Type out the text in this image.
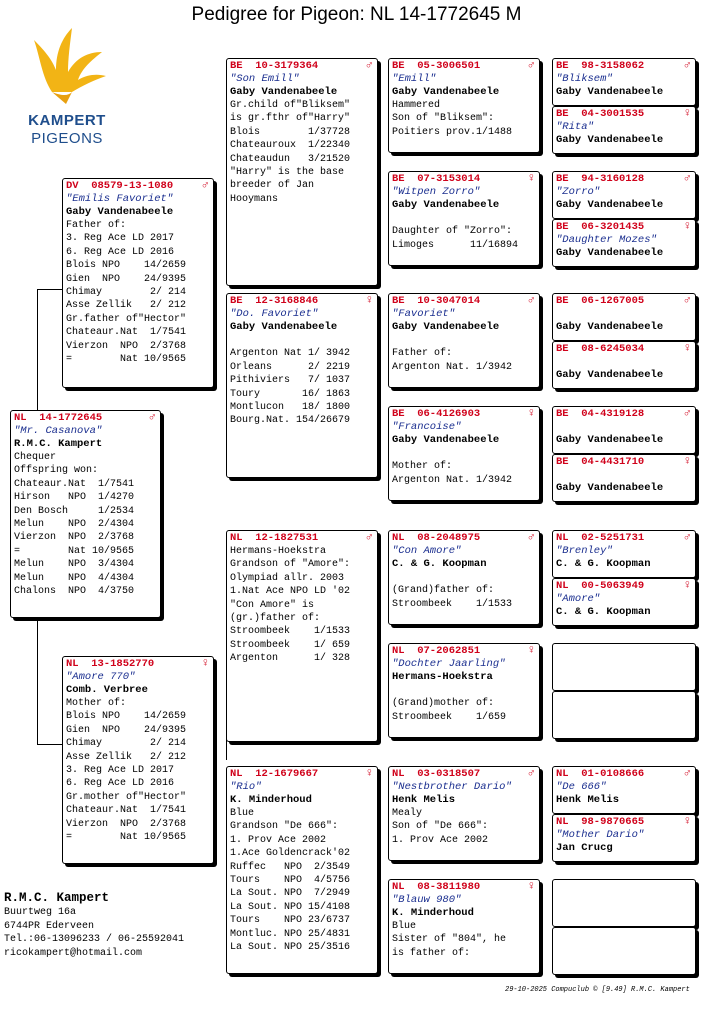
Pedigree for Pigeon: NL 14-1772645 M
KAMPERT
PIGEONS
NL  14-1772645	♂
"Mr. Casanova"
R.M.C. Kampert
Chequer
Offspring won:
Chateaur.Nat  1/7541
Hirson   NPO  1/4270
Den Bosch     1/2534
Melun    NPO  2/4304
Vierzon  NPO  2/3768
=        Nat 10/9565
Melun    NPO  3/4304
Melun    NPO  4/4304
Chalons  NPO  4/3750
DV  08579-13-1080 ♂
"Emilis Favoriet"
Gaby Vandenabeele
Father of:
3. Reg Ace LD 2017
6. Reg Ace LD 2016
Blois NPO    14/2659
Gien  NPO    24/9395
Chimay        2/ 214
Asse Zellik   2/ 212
Gr.father of"Hector"
Chateaur.Nat  1/7541
Vierzon  NPO  2/3768
=        Nat 10/9565
NL  13-1852770	♀
"Amore 770"
Comb. Verbree
Mother of:
Blois NPO    14/2659
Gien  NPO    24/9395
Chimay        2/ 214
Asse Zellik   2/ 212
3. Reg Ace LD 2017
6. Reg Ace LD 2016
Gr.mother of"Hector"
Chateaur.Nat  1/7541
Vierzon  NPO  2/3768
=        Nat 10/9565
BE  10-3179364	♂
"Son Emill"
Gaby Vandenabeele
Gr.child of"Bliksem"
is gr.fthr of"Harry"
Blois        1/37728
Chateauroux  1/22340
Chateaudun   3/21520
"Harry" is the base
breeder of Jan
Hooymans
BE  12-3168846	♀
"Do. Favoriet"
Gaby Vandenabeele

Argenton Nat 1/ 3942
Orleans      2/ 2219
Pithiviers   7/ 1037
Toury       16/ 1863
Montlucon   18/ 1800
Bourg.Nat. 154/26679
NL  12-1827531	♂
Hermans-Hoekstra
Grandson of "Amore":
Olympiad allr. 2003
1.Nat Ace NPO LD '02
"Con Amore" is
(gr.)father of:
Stroombeek    1/1533
Stroombeek    1/ 659
Argenton      1/ 328
NL  12-1679667	♀
"Rio"
K. Minderhoud
Blue
Grandson "De 666":
1. Prov Ace 2002
1.Ace Goldencrack'02
Ruffec   NPO  2/3549
Tours    NPO  4/5756
La Sout. NPO  7/2949
La Sout. NPO 15/4108
Tours    NPO 23/6737
Montluc. NPO 25/4831
La Sout. NPO 25/3516
BE  05-3006501	♂
"Emill"
Gaby Vandenabeele
Hammered
Son of "Bliksem":
Poitiers prov.1/1488
BE  07-3153014	♀
"Witpen Zorro"
Gaby Vandenabeele

Daughter of "Zorro":
Limoges      11/16894
BE  10-3047014	♂
"Favoriet"
Gaby Vandenabeele

Father of:
Argenton Nat. 1/3942
BE  06-4126903	♀
"Francoise"
Gaby Vandenabeele

Mother of:
Argenton Nat. 1/3942
NL  08-2048975	♂
"Con Amore"
C. & G. Koopman

(Grand)father of:
Stroombeek    1/1533
NL  07-2062851	♀
"Dochter Jaarling"
Hermans-Hoekstra

(Grand)mother of:
Stroombeek    1/659
NL  03-0318507	♂
"Nestbrother Dario"
Henk Melis
Mealy
Son of "De 666":
1. Prov Ace 2002
NL  08-3811980	♀
"Blauw 980"
K. Minderhoud
Blue
Sister of "804", he
is father of:
BE  98-3158062	♂
"Bliksem"
Gaby Vandenabeele
BE  04-3001535	♀
"Rita"
Gaby Vandenabeele
BE  94-3160128	♂
"Zorro"
Gaby Vandenabeele
BE  06-3201435	♀
"Daughter Mozes"
Gaby Vandenabeele
BE  06-1267005	♂

Gaby Vandenabeele
BE  08-6245034	♀

Gaby Vandenabeele
BE  04-4319128	♂

Gaby Vandenabeele
BE  04-4431710	♀

Gaby Vandenabeele
NL  02-5251731	♂
"Brenley"
C. & G. Koopman
NL  00-5063949	♀
"Amore"
C. & G. Koopman
NL  01-0108666	♂
"De 666"
Henk Melis
NL  98-9870665	♀
"Mother Dario"
Jan Crucg
R.M.C. Kampert
Buurtweg 16a
6744PR Ederveen
Tel.:06-13096233 / 06-25592041
ricokampert@hotmail.com
29-10-2025 Compuclub © [9.49] R.M.C. Kampert
